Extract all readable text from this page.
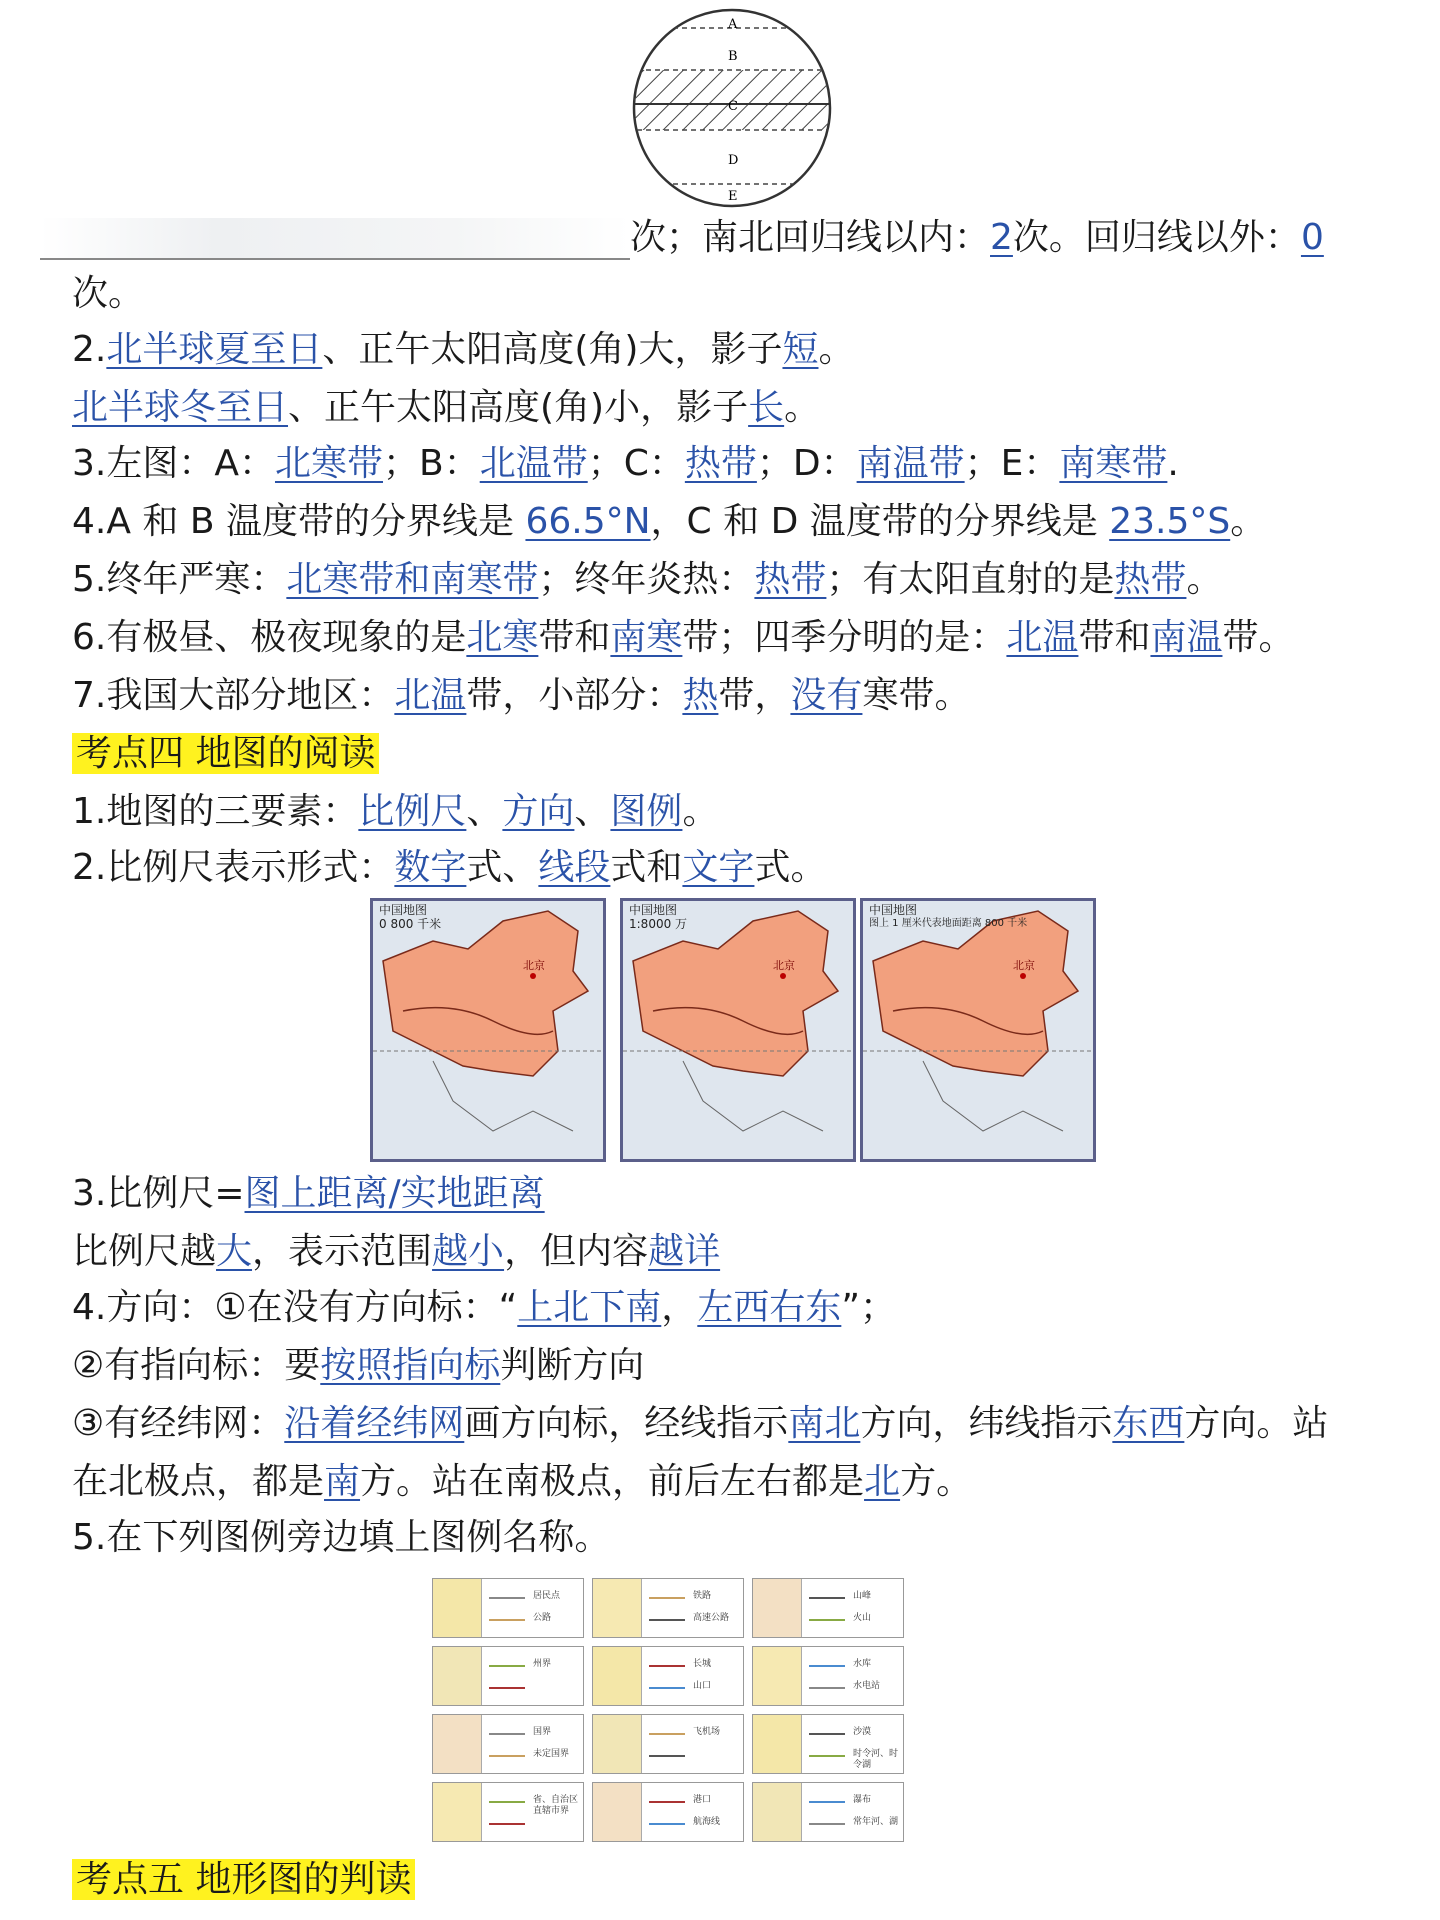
A
B
C
D
E
次；南北回归线以内：2次。回归线以外：0
次。
2.北半球夏至日、正午太阳高度(角)大，影子短。
北半球冬至日、正午太阳高度(角)小，影子长。
3.左图：A：北寒带；B：北温带；C：热带；D：南温带；E：南寒带.
4.A 和 B 温度带的分界线是 66.5°N，C 和 D 温度带的分界线是 23.5°S。
5.终年严寒：北寒带和南寒带；终年炎热：热带；有太阳直射的是热带。
6.有极昼、极夜现象的是北寒带和南寒带；四季分明的是：北温带和南温带。
7.我国大部分地区：北温带，小部分：热带，没有寒带。
考点四 地图的阅读
1.地图的三要素：比例尺、方向、图例。
2.比例尺表示形式：数字式、线段式和文字式。
中国地图
0 800 千米
北京
中国地图
1:8000 万
北京
中国地图
图上 1 厘米代表地面距离 800 千米
北京
3.比例尺=图上距离/实地距离
比例尺越大，表示范围越小，但内容越详
4.方向：①在没有方向标：“上北下南，左西右东”；
②有指向标：要按照指向标判断方向
③有经纬网：沿着经纬网画方向标，经线指示南北方向，纬线指示东西方向。站
在北极点，都是南方。站在南极点，前后左右都是北方。
5.在下列图例旁边填上图例名称。
居民点
公路
铁路
高速公路
山峰
火山
州界	长城
山口
水库
水电站
国界
未定国界
飞机场	沙漠
时令河、时令湖
省、自治区直辖市界
港口
航海线
瀑布
常年河、湖
考点五 地形图的判读
